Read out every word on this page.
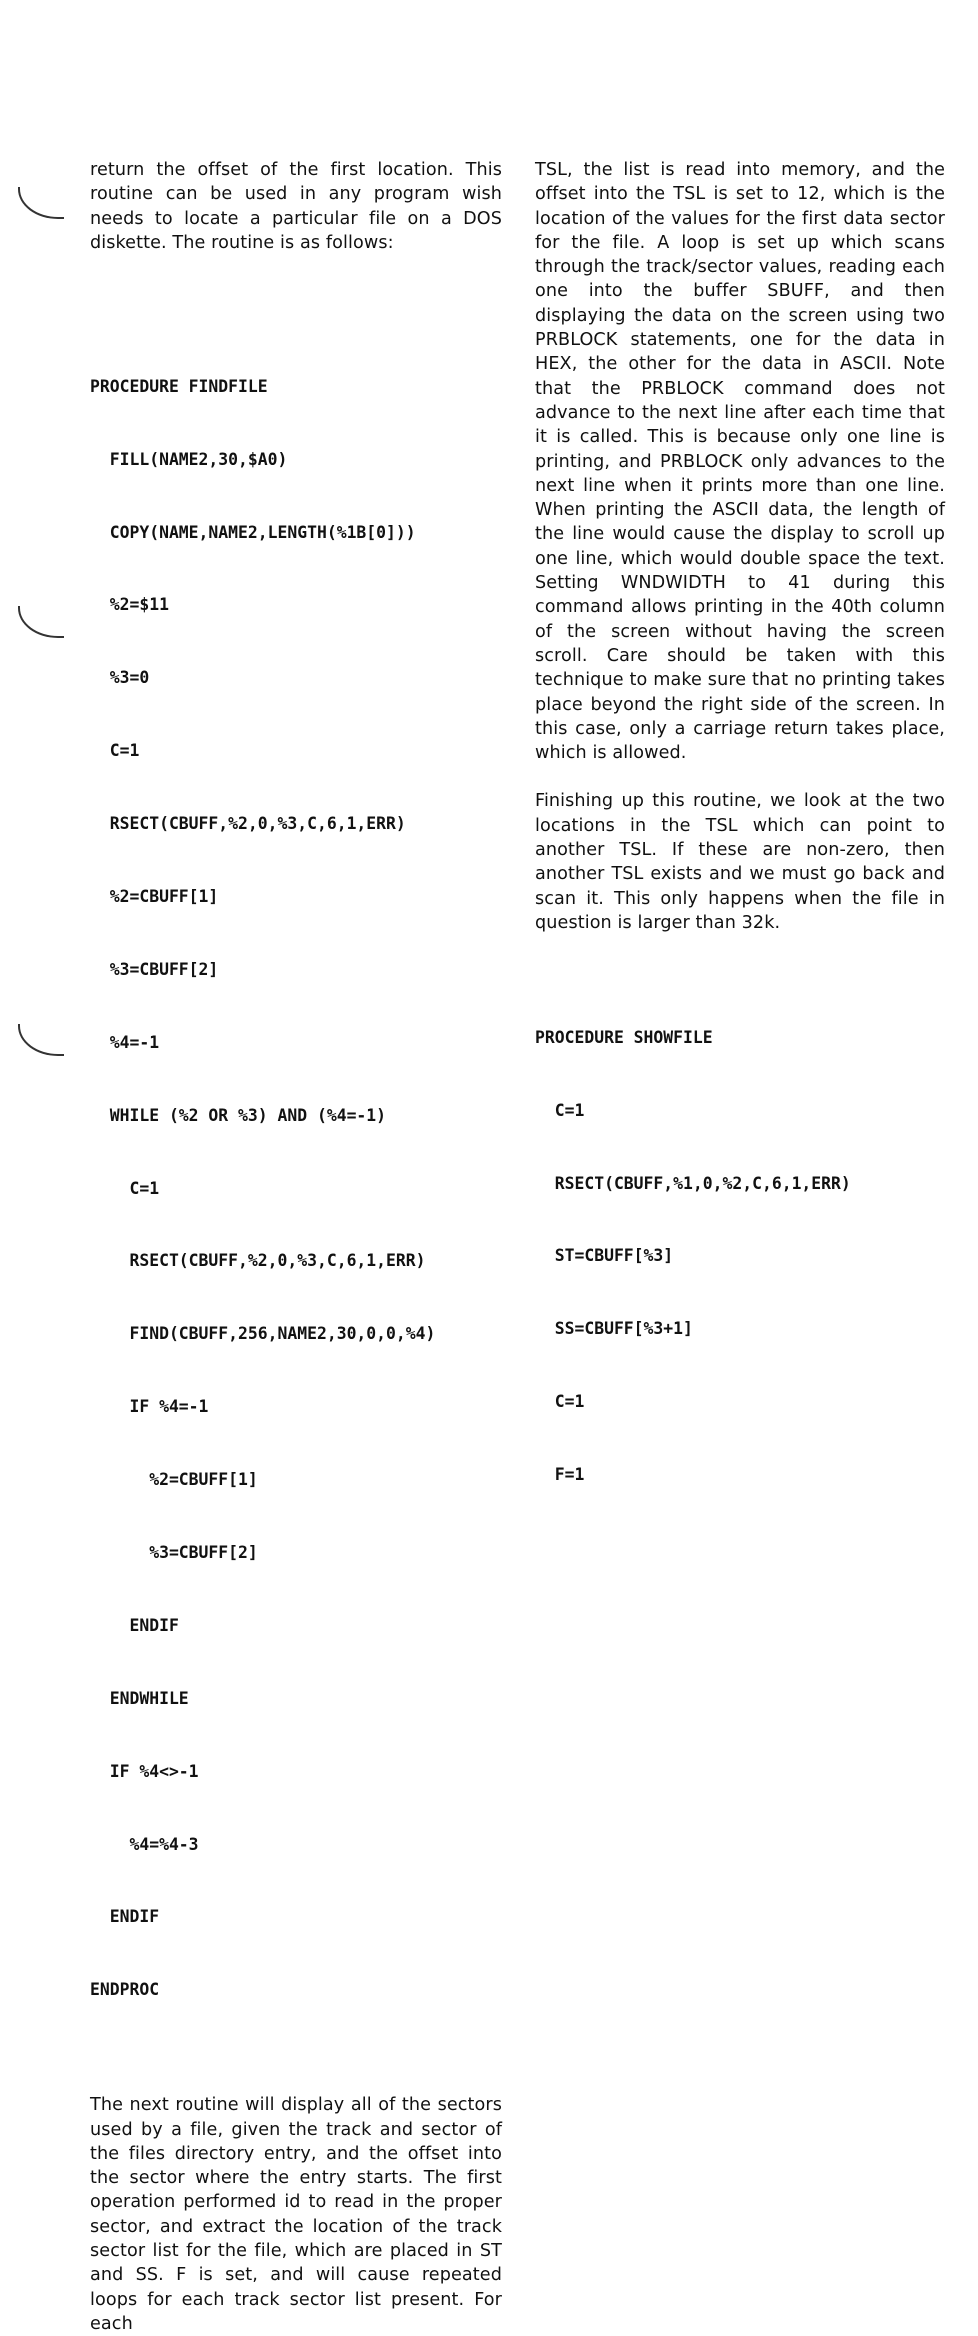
return the offset of the first location. This routine can be used in any program wish needs to locate a particular file on a DOS diskette. The routine is as follows:

PROCEDURE FINDFILE

FILL(NAME2,30,$A0)

COPY(NAME,NAME2,LENGTH(%1B[0]))

%2=$11

%3=0

C=1

RSECT(CBUFF,%2,0,%3,C,6,1,ERR)

%2=CBUFF[1]

%3=CBUFF[2]

%4=-1

WHILE (%2 OR %3) AND (%4=-1)

C=1

RSECT(CBUFF,%2,0,%3,C,6,1,ERR)

FIND(CBUFF,256,NAME2,30,0,0,%4)

IF %4=-1

%2=CBUFF[1]

%3=CBUFF[2]

ENDIF

ENDWHILE

IF %4<>-1

%4=%4-3

ENDIF

ENDPROC

The next routine will display all of the sectors used by a file, given the track and sector of the files directory entry, and the offset into the sector where the entry starts. The first operation performed id to read in the proper sector, and extract the location of the track sector list for the file, which are placed in ST and SS. F is set, and will cause repeated loops for each track sector list present. For each

TSL, the list is read into memory, and the offset into the TSL is set to 12, which is the location of the values for the first data sector for the file. A loop is set up which scans through the track/sector values, reading each one into the buffer SBUFF, and then displaying the data on the screen using two PRBLOCK statements, one for the data in HEX, the other for the data in ASCII. Note that the PRBLOCK command does not advance to the next line after each time that it is called. This is because only one line is printing, and PRBLOCK only advances to the next line when it prints more than one line. When printing the ASCII data, the length of the line would cause the display to scroll up one line, which would double space the text. Setting WNDWIDTH to 41 during this command allows printing in the 40th column of the screen without having the screen scroll. Care should be taken with this technique to make sure that no printing takes place beyond the right side of the screen. In this case, only a carriage return takes place, which is allowed.

Finishing up this routine, we look at the two locations in the TSL which can point to another TSL. If these are non-zero, then another TSL exists and we must go back and scan it. This only happens when the file in question is larger than 32k.

PROCEDURE SHOWFILE

C=1

RSECT(CBUFF,%1,0,%2,C,6,1,ERR)

ST=CBUFF[%3]

SS=CBUFF[%3+1]

C=1

F=1
